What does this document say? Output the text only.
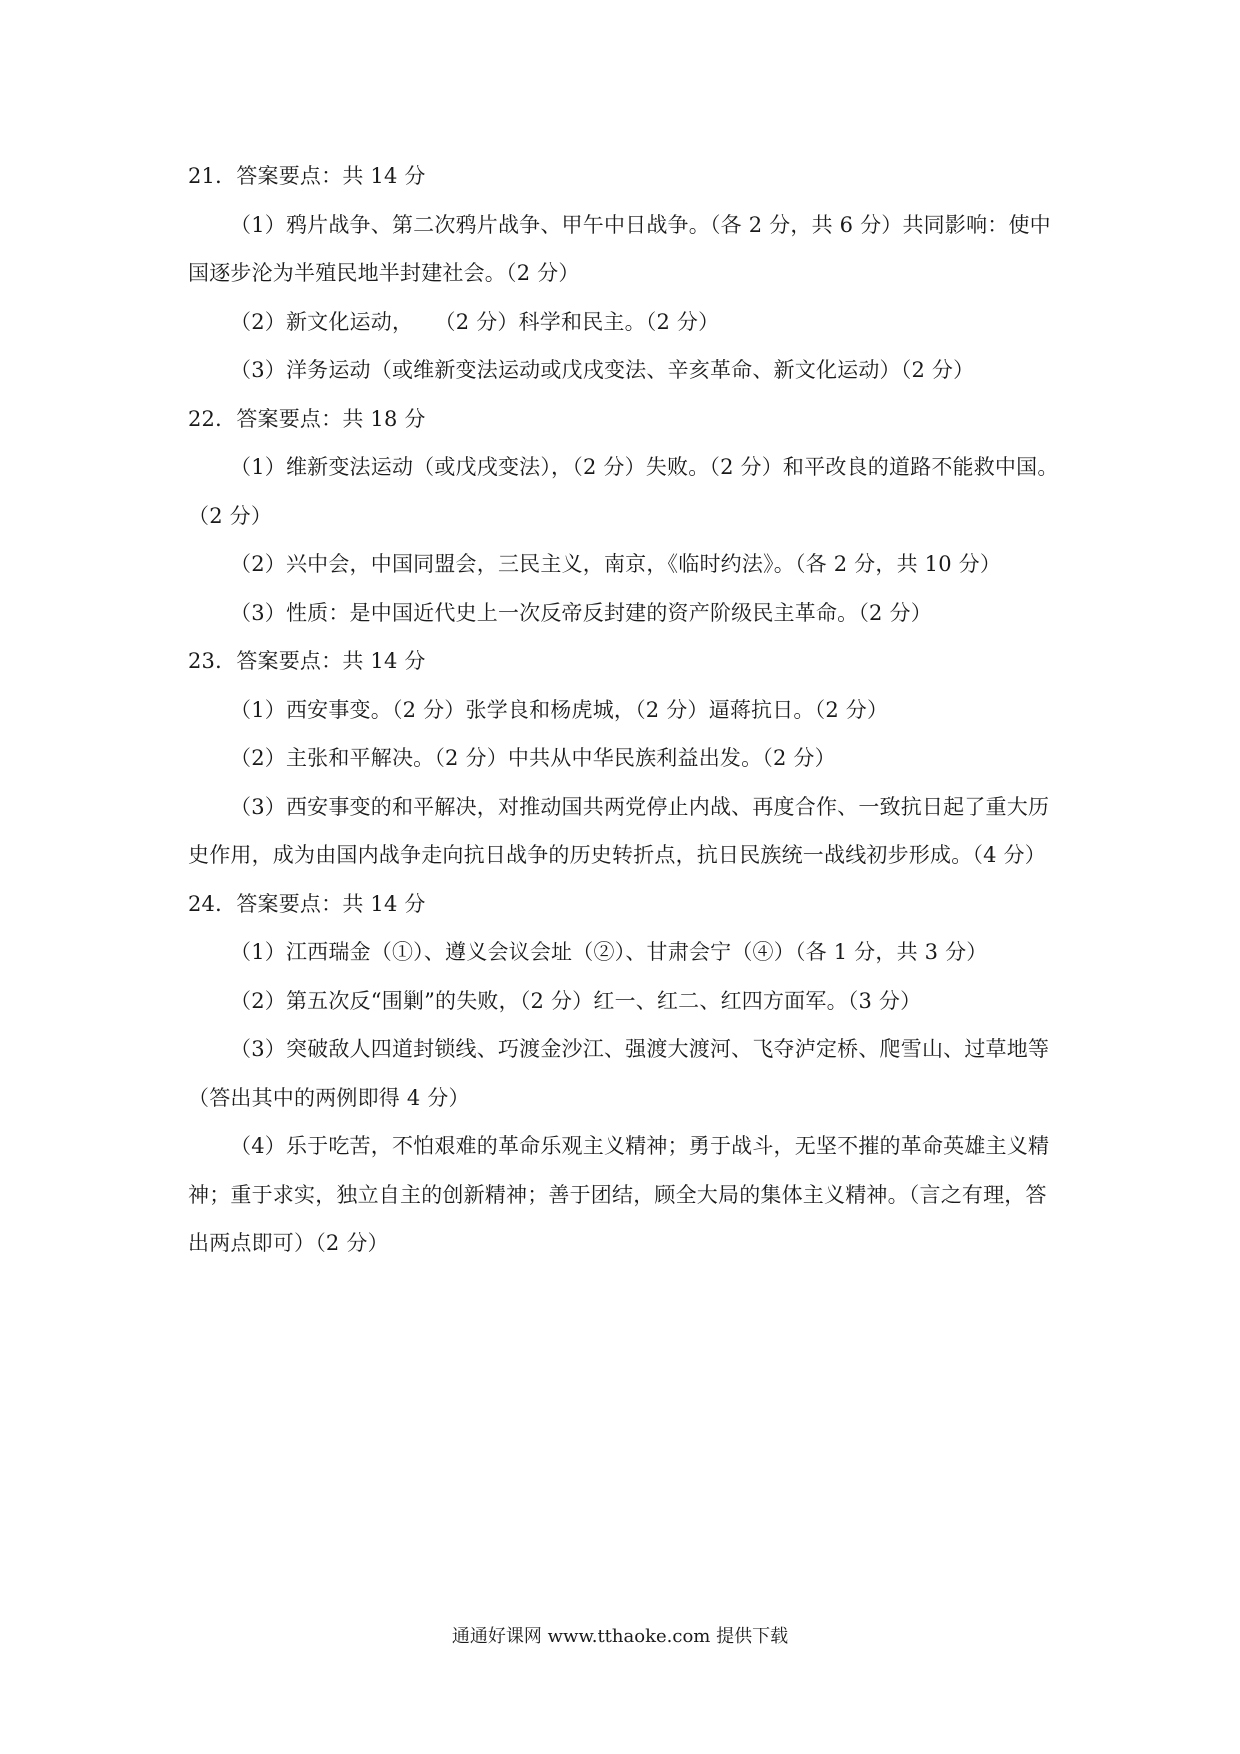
21．答案要点：共 14 分

（1）鸦片战争、第二次鸦片战争、甲午中日战争。（各 2 分，共 6 分）共同影响：使中国逐步沦为半殖民地半封建社会。（2 分）

（2）新文化运动，　　（2 分）科学和民主。（2 分）

（3）洋务运动（或维新变法运动或戊戌变法、辛亥革命、新文化运动）（2 分）

22．答案要点：共 18 分

（1）维新变法运动（或戊戌变法），（2 分）失败。（2 分）和平改良的道路不能救中国。（2 分）

（2）兴中会，中国同盟会，三民主义，南京，《临时约法》。（各 2 分，共 10 分）

（3）性质：是中国近代史上一次反帝反封建的资产阶级民主革命。（2 分）

23．答案要点：共 14 分

（1）西安事变。（2 分）张学良和杨虎城，（2 分）逼蒋抗日。（2 分）

（2）主张和平解决。（2 分）中共从中华民族利益出发。（2 分）

（3）西安事变的和平解决，对推动国共两党停止内战、再度合作、一致抗日起了重大历史作用，成为由国内战争走向抗日战争的历史转折点，抗日民族统一战线初步形成。（4 分）

24．答案要点：共 14 分

（1）江西瑞金（①）、遵义会议会址（②）、甘肃会宁（④）（各 1 分，共 3 分）

（2）第五次反“围剿”的失败，（2 分）红一、红二、红四方面军。（3 分）

（3）突破敌人四道封锁线、巧渡金沙江、强渡大渡河、飞夺泸定桥、爬雪山、过草地等（答出其中的两例即得 4 分）

（4）乐于吃苦，不怕艰难的革命乐观主义精神；勇于战斗，无坚不摧的革命英雄主义精神；重于求实，独立自主的创新精神；善于团结，顾全大局的集体主义精神。（言之有理，答出两点即可）（2 分）

通通好课网 www.tthaoke.com 提供下载
